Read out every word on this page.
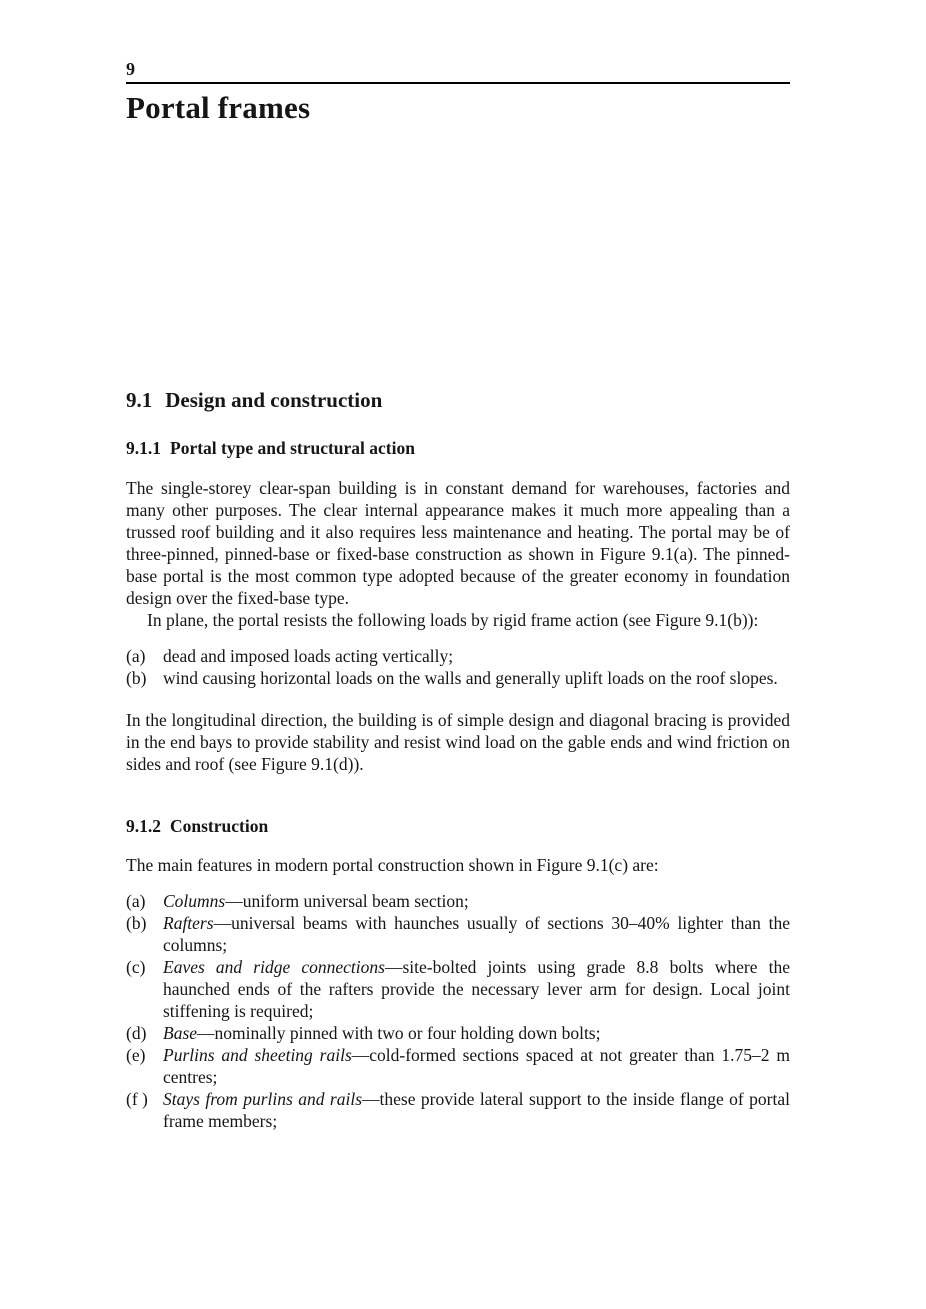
9
Portal frames
9.1 Design and construction
9.1.1 Portal type and structural action

The single-storey clear-span building is in constant demand for warehouses, factories and many other purposes. The clear internal appearance makes it much more appealing than a trussed roof building and it also requires less maintenance and heating. The portal may be of three-pinned, pinned-base or fixed-base construction as shown in Figure 9.1(a). The pinned-base portal is the most common type adopted because of the greater economy in foundation design over the fixed-base type.

In plane, the portal resists the following loads by rigid frame action (see Figure 9.1(b)):

(a) dead and imposed loads acting vertically;
(b) wind causing horizontal loads on the walls and generally uplift loads on the roof slopes.

In the longitudinal direction, the building is of simple design and diagonal bracing is provided in the end bays to provide stability and resist wind load on the gable ends and wind friction on sides and roof (see Figure 9.1(d)).

9.1.2 Construction

The main features in modern portal construction shown in Figure 9.1(c) are:

(a) Columns—uniform universal beam section;
(b) Rafters—universal beams with haunches usually of sections 30–40% lighter than the columns;
(c) Eaves and ridge connections—site-bolted joints using grade 8.8 bolts where the haunched ends of the rafters provide the necessary lever arm for design. Local joint stiffening is required;
(d) Base—nominally pinned with two or four holding down bolts;
(e) Purlins and sheeting rails—cold-formed sections spaced at not greater than 1.75–2 m centres;
(f ) Stays from purlins and rails—these provide lateral support to the inside flange of portal frame members;
